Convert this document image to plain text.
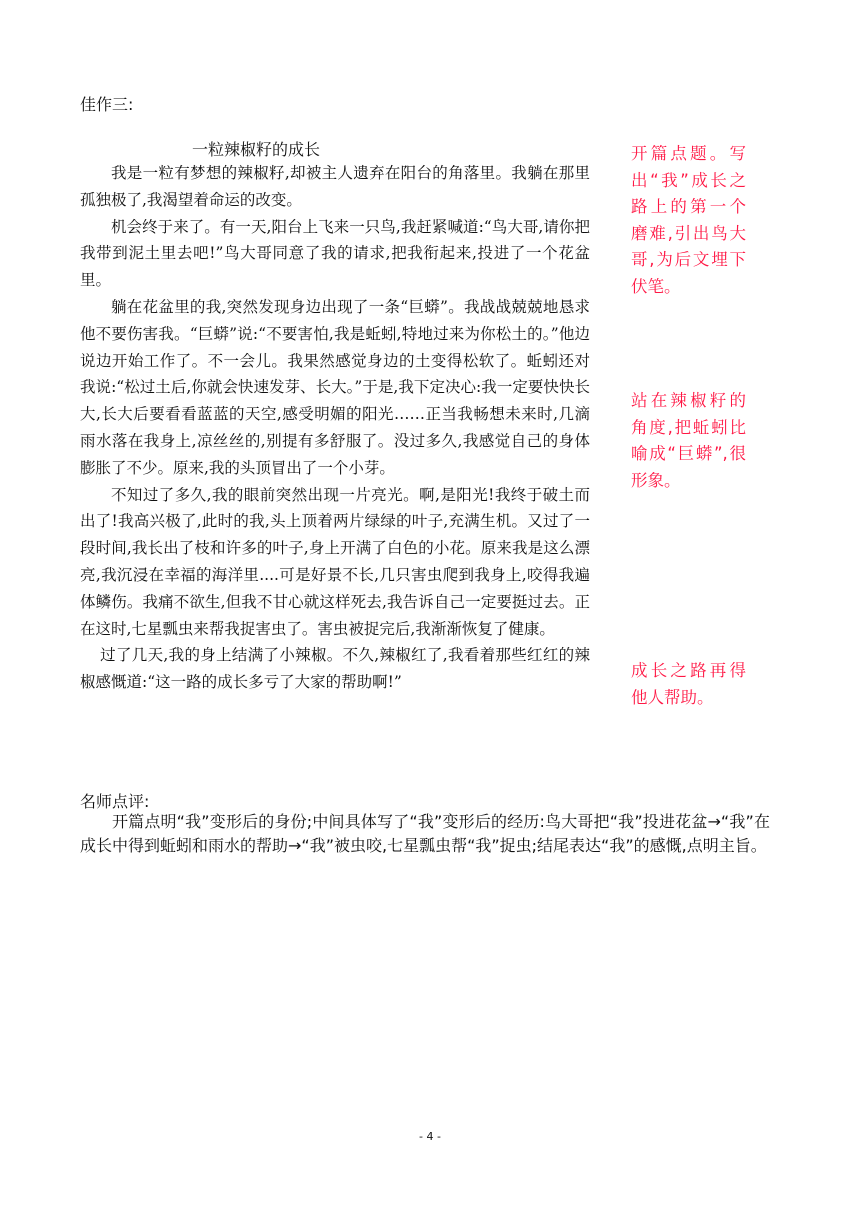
佳作三:
一粒辣椒籽的成长

我是一粒有梦想的辣椒籽,却被主人遗弃在阳台的角落里。我躺在那里孤独极了,我渴望着命运的改变。

机会终于来了。有一天,阳台上飞来一只鸟,我赶紧喊道:“鸟大哥,请你把我带到泥土里去吧!”鸟大哥同意了我的请求,把我衔起来,投进了一个花盆里。

躺在花盆里的我,突然发现身边出现了一条“巨蟒”。我战战兢兢地恳求他不要伤害我。“巨蟒”说:“不要害怕,我是蚯蚓,特地过来为你松土的。”他边说边开始工作了。不一会儿。我果然感觉身边的土变得松软了。蚯蚓还对我说:“松过土后,你就会快速发芽、长大。”于是,我下定决心:我一定要快快长大,长大后要看看蓝蓝的天空,感受明媚的阳光……正当我畅想未来时,几滴雨水落在我身上,凉丝丝的,别提有多舒服了。没过多久,我感觉自己的身体膨胀了不少。原来,我的头顶冒出了一个小芽。

不知过了多久,我的眼前突然出现一片亮光。啊,是阳光!我终于破土而出了!我高兴极了,此时的我,头上顶着两片绿绿的叶子,充满生机。又过了一段时间,我长出了枝和许多的叶子,身上开满了白色的小花。原来我是这么漂亮,我沉浸在幸福的海洋里....可是好景不长,几只害虫爬到我身上,咬得我遍体鳞伤。我痛不欲生,但我不甘心就这样死去,我告诉自己一定要挺过去。正在这时,七星瓢虫来帮我捉害虫了。害虫被捉完后,我渐渐恢复了健康。

过了几天,我的身上结满了小辣椒。不久,辣椒红了,我看着那些红红的辣椒感慨道:“这一路的成长多亏了大家的帮助啊!”

开篇点题。写出“我”成长之路上的第一个磨难,引出鸟大哥,为后文埋下伏笔。
站在辣椒籽的角度,把蚯蚓比喻成“巨蟒”,很形象。
成长之路再得他人帮助。
名师点评:
开篇点明“我”变形后的身份;中间具体写了“我”变形后的经历:鸟大哥把“我”投进花盆→“我”在成长中得到蚯蚓和雨水的帮助→“我”被虫咬,七星瓢虫帮“我”捉虫;结尾表达“我”的感慨,点明主旨。
- 4 -
